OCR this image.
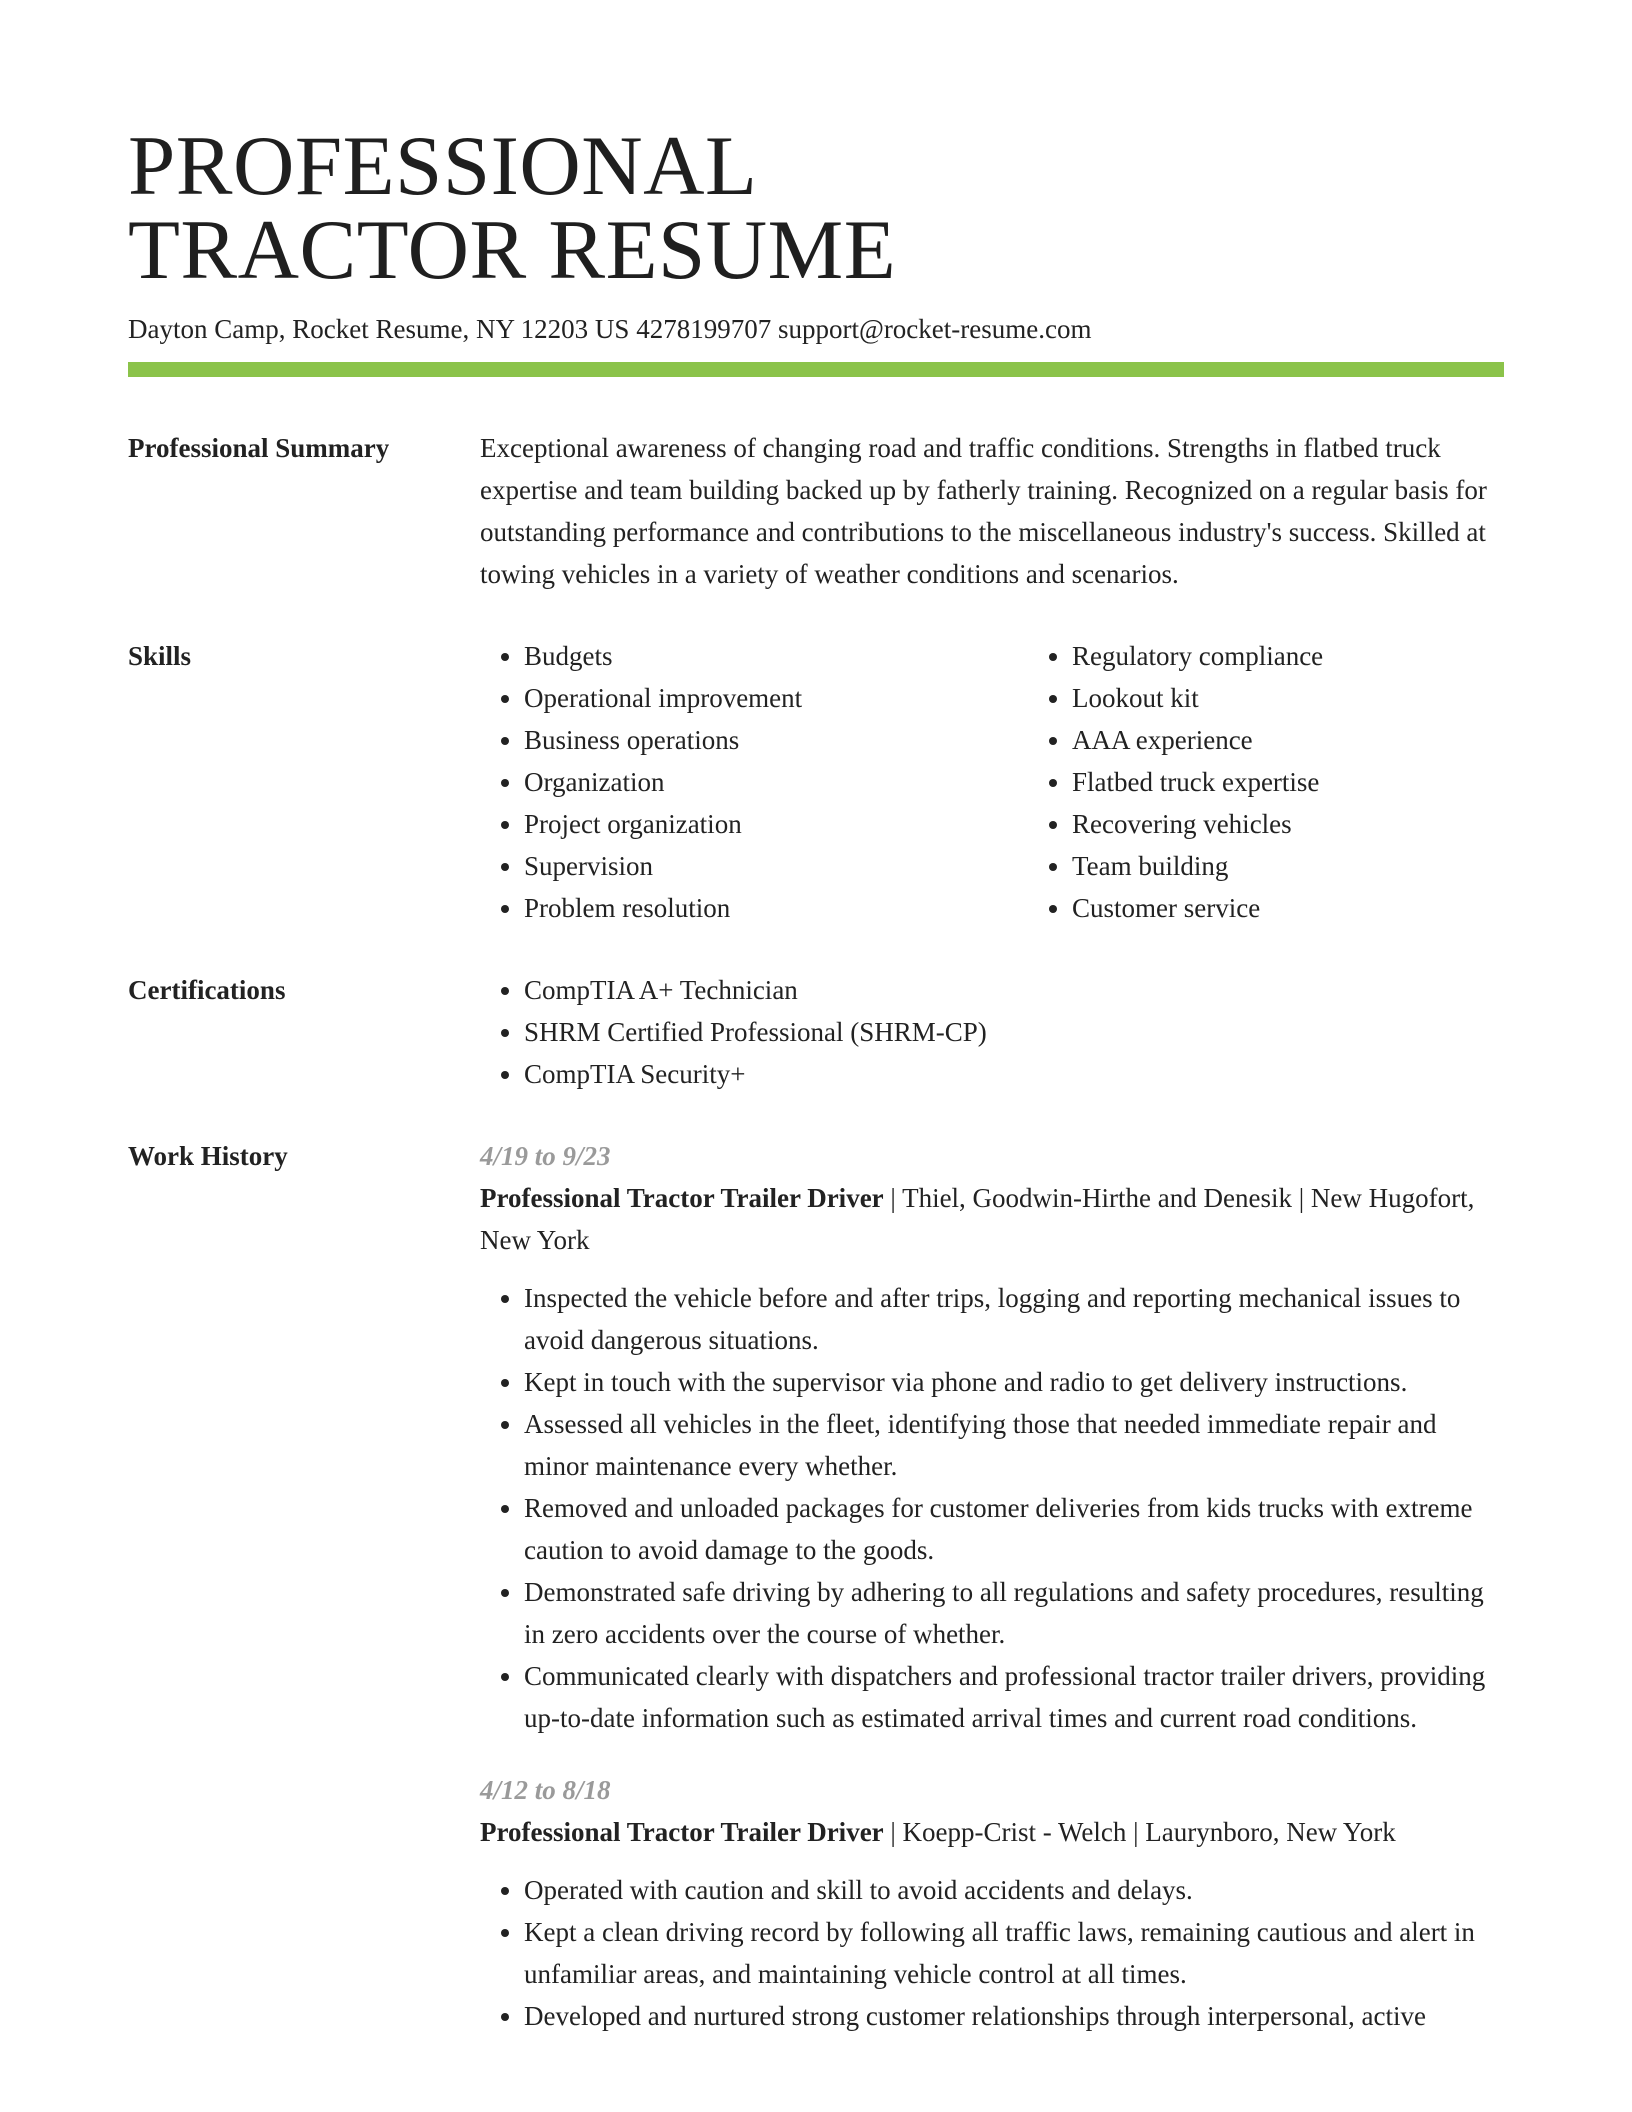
PROFESSIONAL
TRACTOR RESUME
Dayton Camp, Rocket Resume, NY 12203 US 4278199707 support@rocket-resume.com
Professional Summary	Exceptional awareness of changing road and traffic conditions. Strengths in flatbed truck expertise and team building backed up by fatherly training. Recognized on a regular basis for outstanding performance and contributions to the miscellaneous industry's success. Skilled at towing vehicles in a variety of weather conditions and scenarios.

Skills	• Budgets
• Operational improvement
• Business operations
• Organization
• Project organization
• Supervision
• Problem resolution
• Regulatory compliance
• Lookout kit
• AAA experience
• Flatbed truck expertise
• Recovering vehicles
• Team building
• Customer service
Certifications	• CompTIA A+ Technician
• SHRM Certified Professional (SHRM-CP)
• CompTIA Security+
Work History	4/19 to 9/23
Professional Tractor Trailer Driver | Thiel, Goodwin-Hirthe and Denesik | New Hugofort, New York
• Inspected the vehicle before and after trips, logging and reporting mechanical issues to avoid dangerous situations.
• Kept in touch with the supervisor via phone and radio to get delivery instructions.
• Assessed all vehicles in the fleet, identifying those that needed immediate repair and minor maintenance every whether.
• Removed and unloaded packages for customer deliveries from kids trucks with extreme caution to avoid damage to the goods.
• Demonstrated safe driving by adhering to all regulations and safety procedures, resulting in zero accidents over the course of whether.
• Communicated clearly with dispatchers and professional tractor trailer drivers, providing up-to-date information such as estimated arrival times and current road conditions.
4/12 to 8/18
Professional Tractor Trailer Driver | Koepp-Crist - Welch | Laurynboro, New York
• Operated with caution and skill to avoid accidents and delays.
• Kept a clean driving record by following all traffic laws, remaining cautious and alert in unfamiliar areas, and maintaining vehicle control at all times.
• Developed and nurtured strong customer relationships through interpersonal, active
